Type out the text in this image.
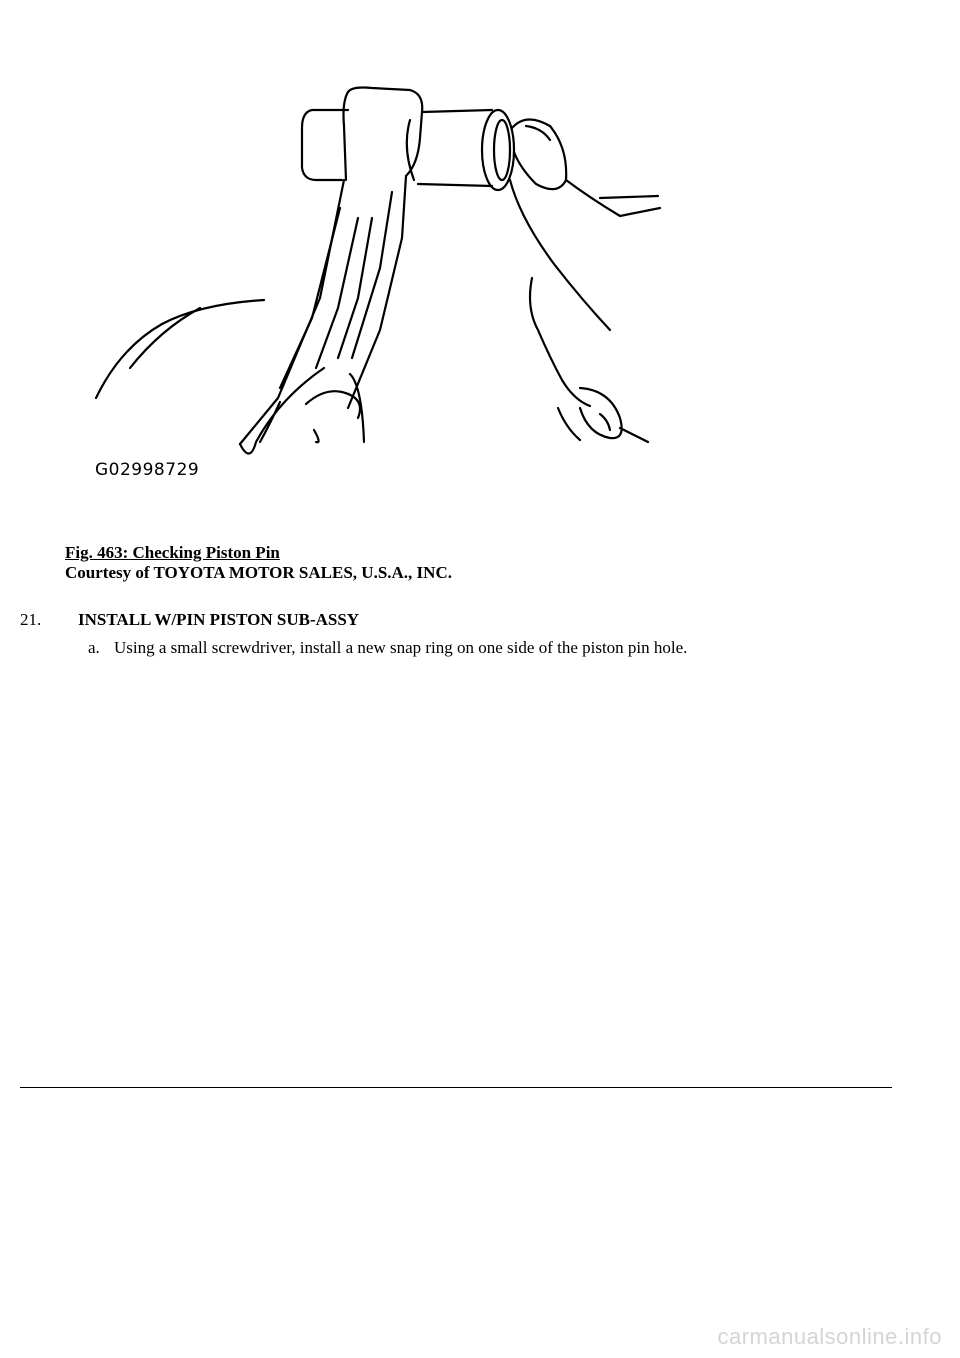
G02998729
Fig. 463: Checking Piston Pin
Courtesy of TOYOTA MOTOR SALES, U.S.A., INC.
21.	INSTALL W/PIN PISTON SUB-ASSY
a. Using a small screwdriver, install a new snap ring on one side of the piston pin hole.
carmanualsonline.info
